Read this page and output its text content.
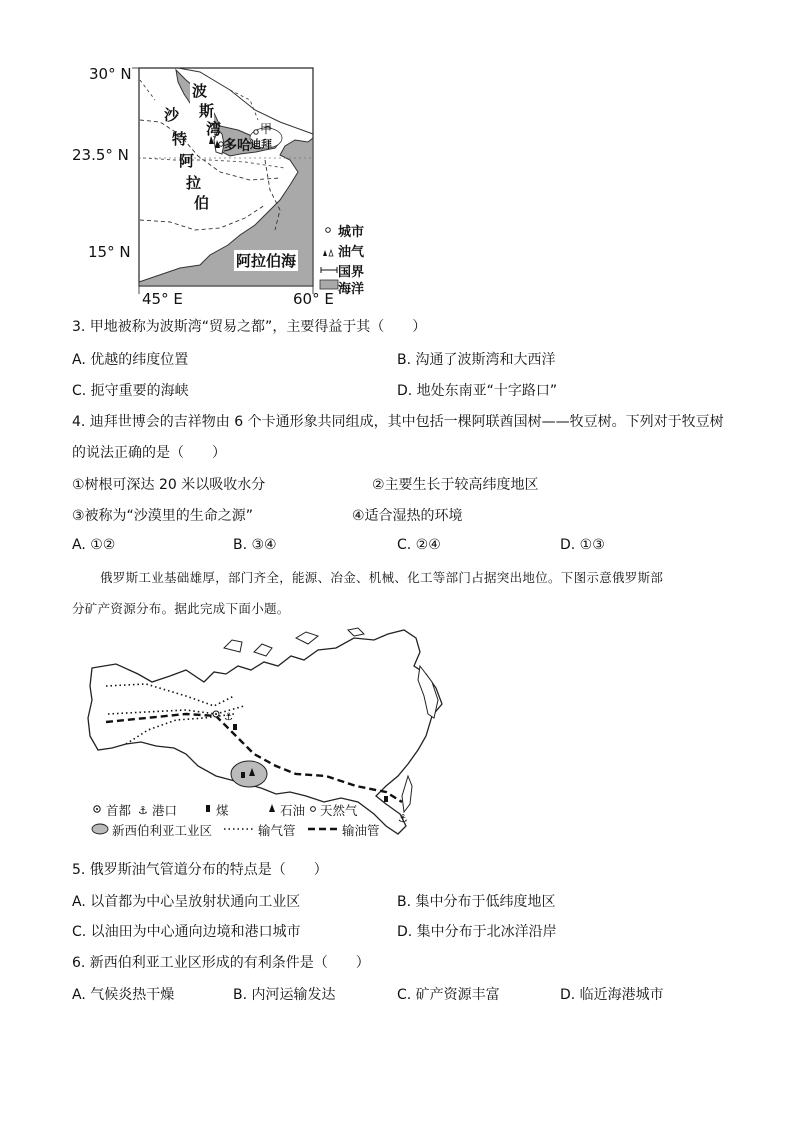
30° N
23.5° N
15° N
45° E	60° E
沙
特
阿
拉
伯
波
斯
湾
多哈 迪拜
甲
阿拉伯海
城市
油气
国界
海洋
3. 甲地被称为波斯湾“贸易之都”，主要得益于其（　　）
A. 优越的纬度位置	B. 沟通了波斯湾和大西洋
C. 扼守重要的海峡	D. 地处东南亚“十字路口”
4. 迪拜世博会的吉祥物由 6 个卡通形象共同组成，其中包括一棵阿联酋国树——牧豆树。下列对于牧豆树
的说法正确的是（　　）
①树根可深达 20 米以吸收水分	②主要生长于较高纬度地区
③被称为“沙漠里的生命之源”	④适合湿热的环境
A. ①②	B. ③④	C. ②④	D. ①③
俄罗斯工业基础雄厚，部门齐全，能源、冶金、机械、化工等部门占据突出地位。下图示意俄罗斯部
分矿产资源分布。据此完成下面小题。
⚓
⚓
⚓
首都 港口	煤	石油 天然气
新西伯利亚工业区	输气管	输油管
5. 俄罗斯油气管道分布的特点是（　　）
A. 以首都为中心呈放射状通向工业区	B. 集中分布于低纬度地区
C. 以油田为中心通向边境和港口城市	D. 集中分布于北冰洋沿岸
6. 新西伯利亚工业区形成的有利条件是（　　）
A. 气候炎热干燥	B. 内河运输发达	C. 矿产资源丰富	D. 临近海港城市
